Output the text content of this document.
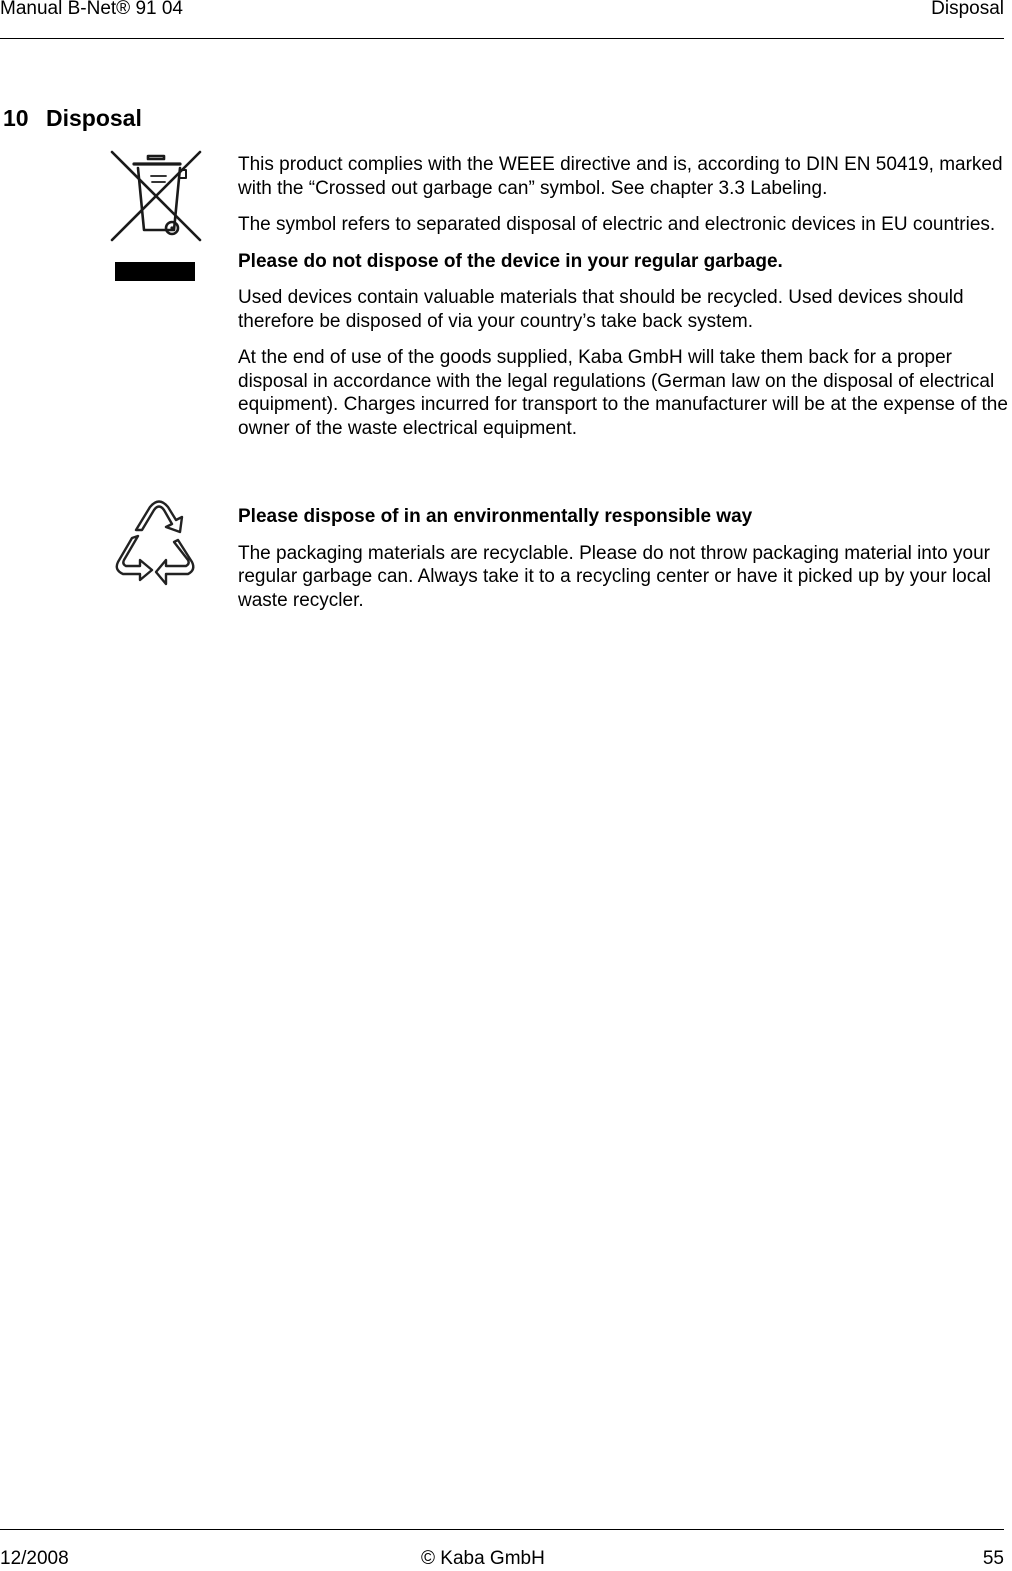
Manual B-Net® 91 04	Disposal
10 Disposal

This product complies with the WEEE directive and is, according to DIN EN 50419, marked with the “Crossed out garbage can” symbol. See chapter 3.3 Labeling.

The symbol refers to separated disposal of electric and electronic devices in EU countries.

Please do not dispose of the device in your regular garbage.

Used devices contain valuable materials that should be recycled. Used devices should therefore be disposed of via your country’s take back system.

At the end of use of the goods supplied, Kaba GmbH will take them back for a proper disposal in accordance with the legal regulations (German law on the disposal of electrical equipment). Charges incurred for transport to the manufacturer will be at the expense of the owner of the waste electrical equipment.

Please dispose of in an environmentally responsible way

The packaging materials are recyclable. Please do not throw packaging material into your regular garbage can. Always take it to a recycling center or have it picked up by your local waste recycler.

12/2008	© Kaba GmbH	55
